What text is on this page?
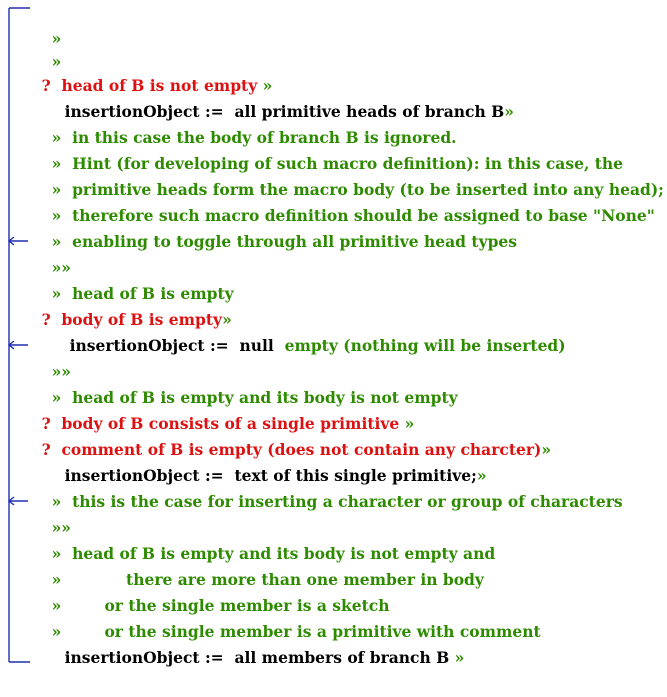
»

»

?  head of B is not empty »

insertionObject :=  all primitive heads of branch B»

»  in this case the body of branch B is ignored.

»  Hint (for developing of such macro definition): in this case, the

»  primitive heads form the macro body (to be inserted into any head);

»  therefore such macro definition should be assigned to base "None"

»  enabling to toggle through all primitive head types

»»

»  head of B is empty

?  body of B is empty»

insertionObject :=  null  empty (nothing will be inserted)

»»

»  head of B is empty and its body is not empty

?  body of B consists of a single primitive »

?  comment of B is empty (does not contain any charcter)»

insertionObject :=  text of this single primitive;»

»  this is the case for inserting a character or group of characters

»»

»  head of B is empty and its body is not empty and

»            there are more than one member in body

»        or the single member is a sketch

»        or the single member is a primitive with comment

insertionObject :=  all members of branch B »
